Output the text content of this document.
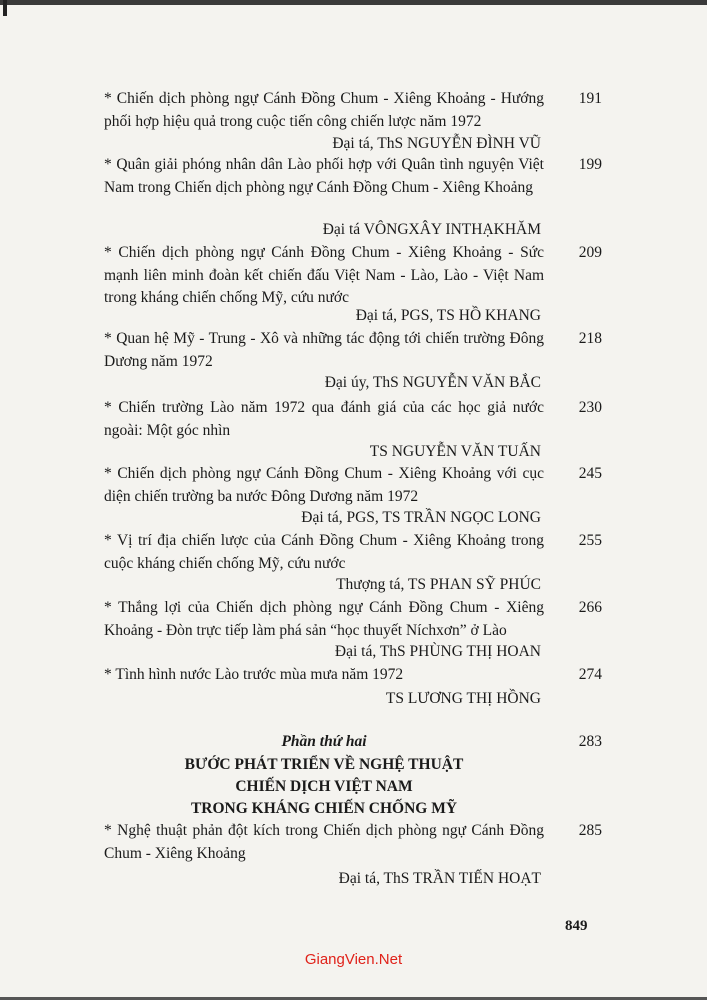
* Chiến dịch phòng ngự Cánh Đồng Chum - Xiêng Khoảng - Hướng phối hợp hiệu quả trong cuộc tiến công chiến lược năm 1972
191
Đại tá, ThS NGUYỄN ĐÌNH VŨ
* Quân giải phóng nhân dân Lào phối hợp với Quân tình nguyện Việt Nam trong Chiến dịch phòng ngự Cánh Đồng Chum - Xiêng Khoảng
199
Đại tá VÔNGXÂY INTHẠKHĂM
* Chiến dịch phòng ngự Cánh Đồng Chum - Xiêng Khoảng - Sức mạnh liên minh đoàn kết chiến đấu Việt Nam - Lào, Lào - Việt Nam trong kháng chiến chống Mỹ, cứu nước
209
Đại tá, PGS, TS HỒ KHANG
* Quan hệ Mỹ - Trung - Xô và những tác động tới chiến trường Đông Dương năm 1972
218
Đại úy, ThS NGUYỄN VĂN BẮC
* Chiến trường Lào năm 1972 qua đánh giá của các học giả nước ngoài: Một góc nhìn
230
TS NGUYỄN VĂN TUẤN
* Chiến dịch phòng ngự Cánh Đồng Chum - Xiêng Khoảng với cục diện chiến trường ba nước Đông Dương năm 1972
245
Đại tá, PGS, TS TRẦN NGỌC LONG
* Vị trí địa chiến lược của Cánh Đồng Chum - Xiêng Khoảng trong cuộc kháng chiến chống Mỹ, cứu nước
255
Thượng tá, TS PHAN SỸ PHÚC
* Thắng lợi của Chiến dịch phòng ngự Cánh Đồng Chum - Xiêng Khoảng - Đòn trực tiếp làm phá sản “học thuyết Níchxơn” ở Lào
266
Đại tá, ThS PHÙNG THỊ HOAN
* Tình hình nước Lào trước mùa mưa năm 1972	274
TS LƯƠNG THỊ HỒNG
Phần thứ hai
BƯỚC PHÁT TRIỂN VỀ NGHỆ THUẬT
CHIẾN DỊCH VIỆT NAM
TRONG KHÁNG CHIẾN CHỐNG MỸ
283
* Nghệ thuật phản đột kích trong Chiến dịch phòng ngự Cánh Đồng Chum - Xiêng Khoảng
285
Đại tá, ThS TRẦN TIẾN HOẠT
849
GiangVien.Net
